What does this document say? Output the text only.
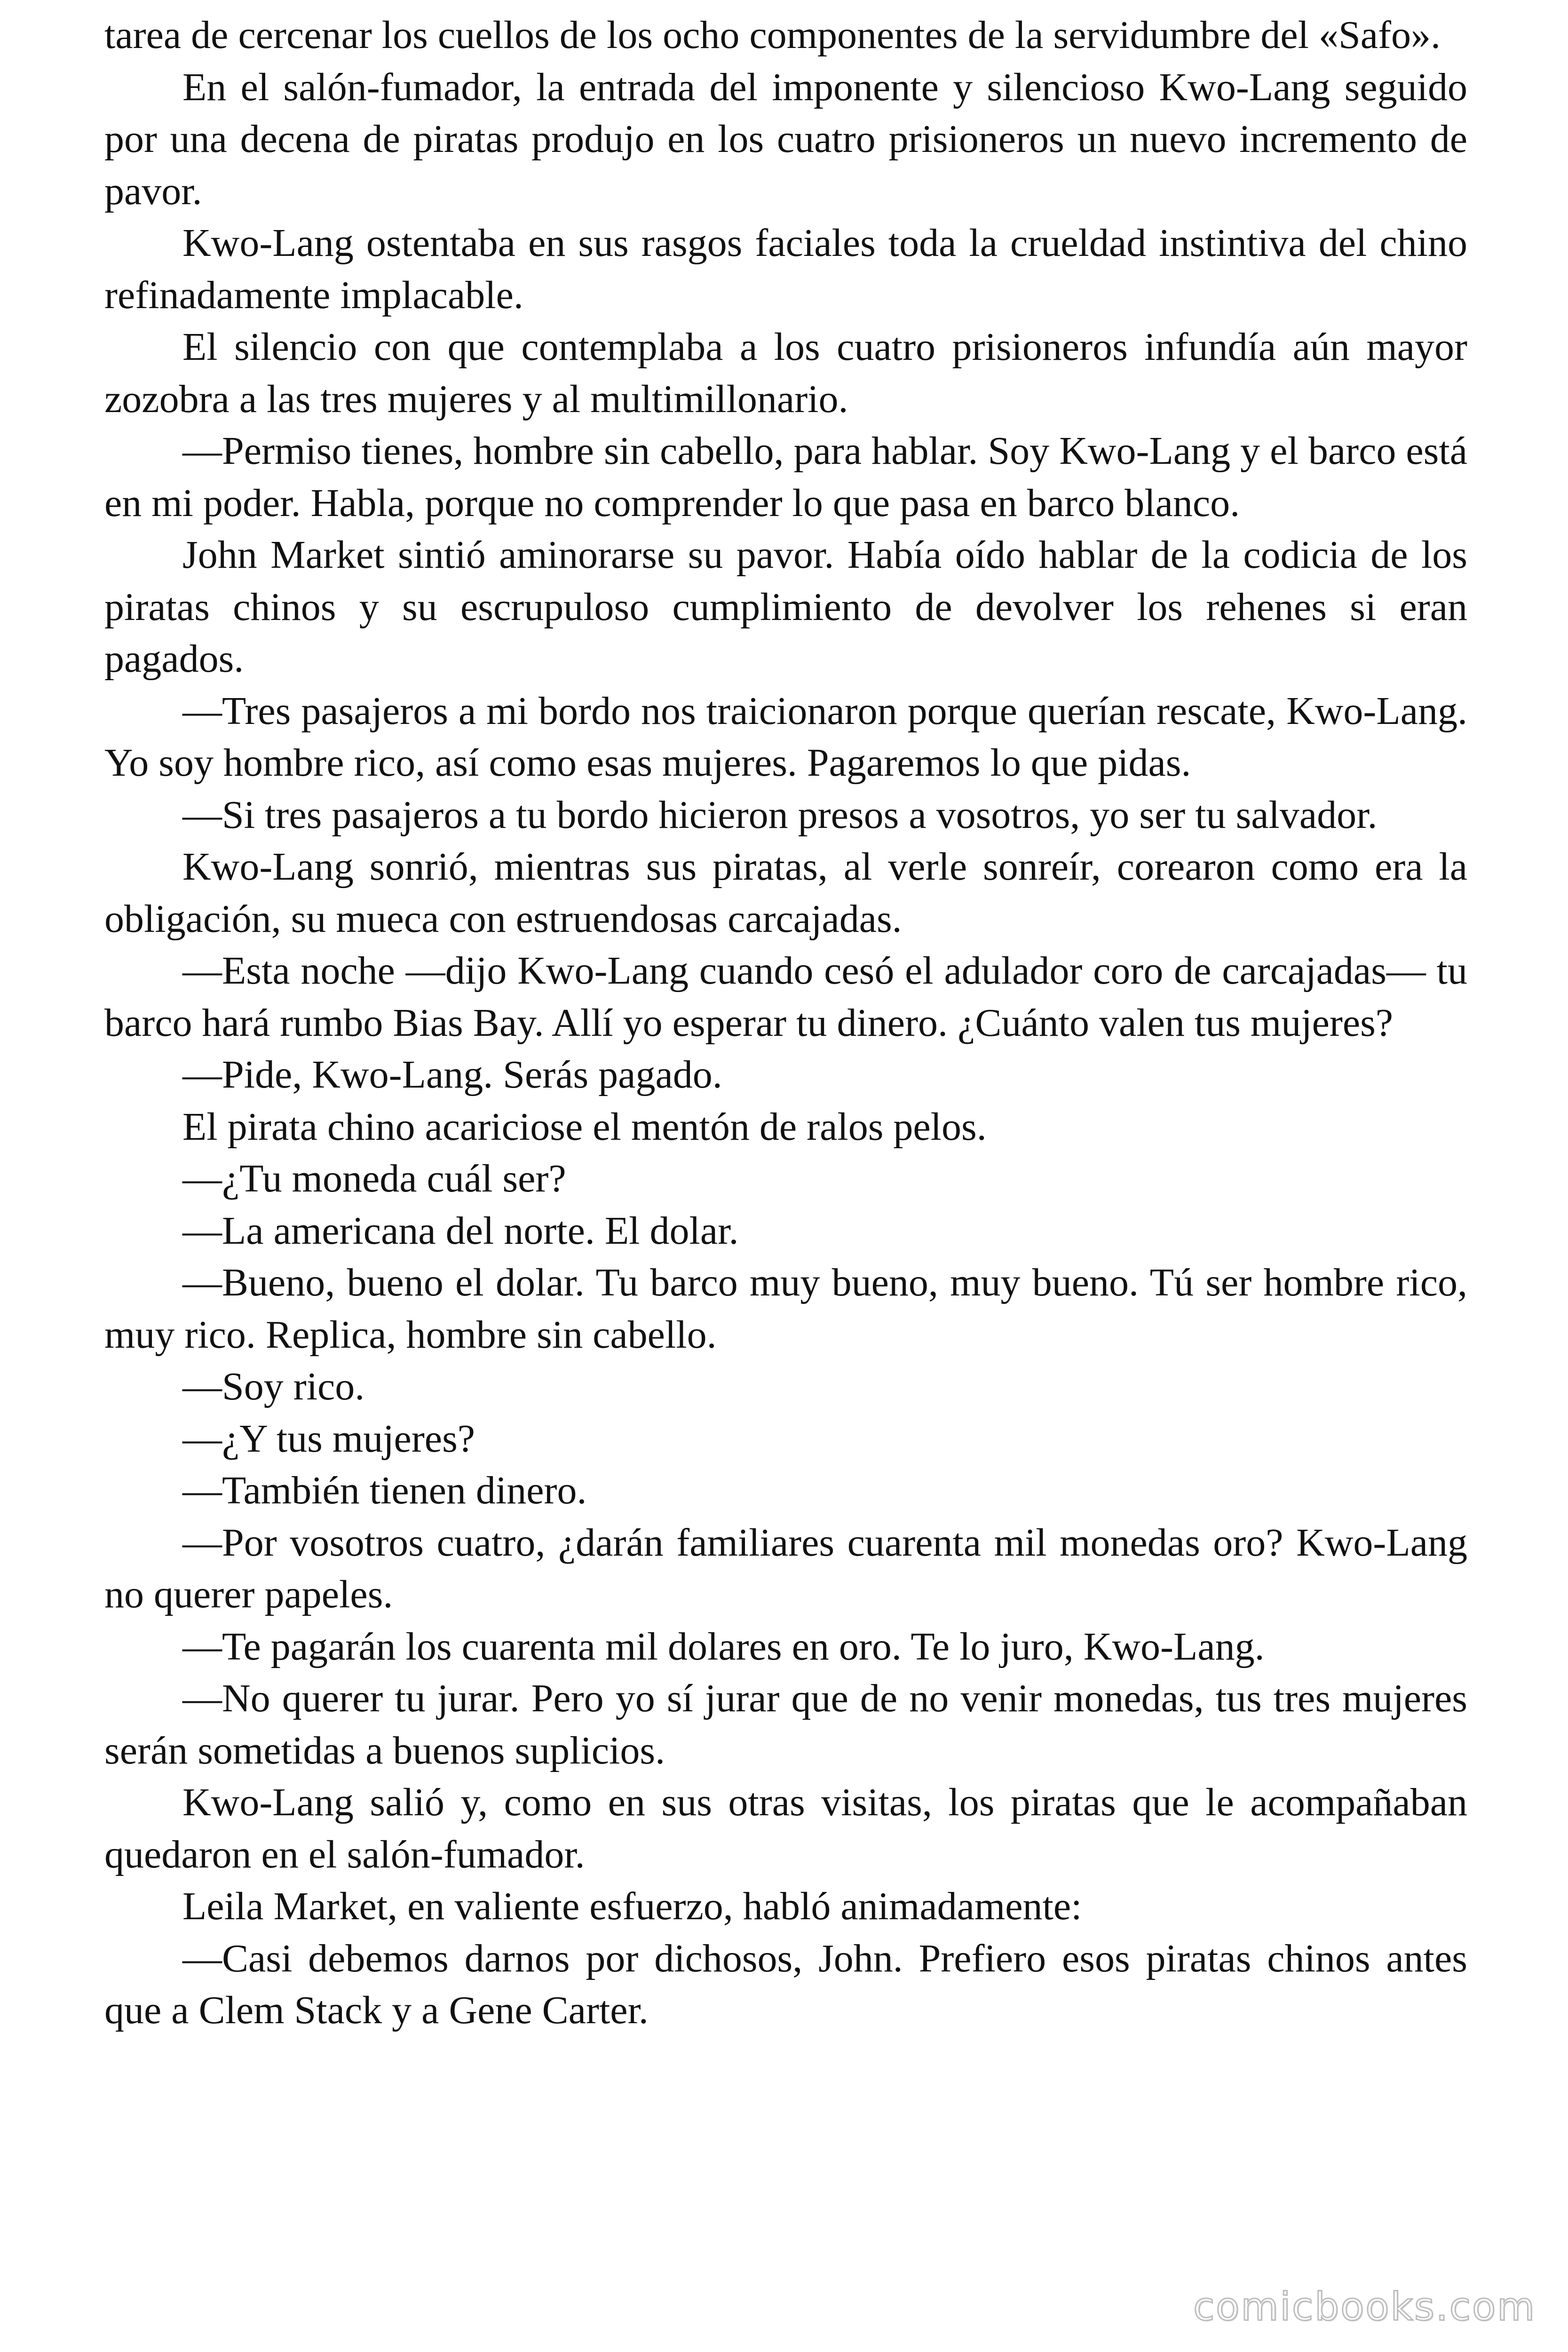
tarea de cercenar los cuellos de los ocho componentes de la servidumbre del «Safo».

En el salón-fumador, la entrada del imponente y silencioso Kwo-Lang seguido por una decena de piratas produjo en los cuatro prisioneros un nuevo incremento de pavor.

Kwo-Lang ostentaba en sus rasgos faciales toda la crueldad instintiva del chino refinadamente implacable.

El silencio con que contemplaba a los cuatro prisioneros infundía aún mayor zozobra a las tres mujeres y al multimillonario.

—Permiso tienes, hombre sin cabello, para hablar. Soy Kwo-Lang y el barco está en mi poder. Habla, porque no comprender lo que pasa en barco blanco.

John Market sintió aminorarse su pavor. Había oído hablar de la codicia de los piratas chinos y su escrupuloso cumplimiento de devolver los rehenes si eran pagados.

—Tres pasajeros a mi bordo nos traicionaron porque querían rescate, Kwo-Lang. Yo soy hombre rico, así como esas mujeres. Pagaremos lo que pidas.

—Si tres pasajeros a tu bordo hicieron presos a vosotros, yo ser tu salvador.

Kwo-Lang sonrió, mientras sus piratas, al verle sonreír, corearon como era la obligación, su mueca con estruendosas carcajadas.

—Esta noche —dijo Kwo-Lang cuando cesó el adulador coro de carcajadas— tu barco hará rumbo Bias Bay. Allí yo esperar tu dinero. ¿Cuánto valen tus mujeres?

—Pide, Kwo-Lang. Serás pagado.

El pirata chino acariciose el mentón de ralos pelos.

—¿Tu moneda cuál ser?

—La americana del norte. El dolar.

—Bueno, bueno el dolar. Tu barco muy bueno, muy bueno. Tú ser hombre rico, muy rico. Replica, hombre sin cabello.

—Soy rico.

—¿Y tus mujeres?

—También tienen dinero.

—Por vosotros cuatro, ¿darán familiares cuarenta mil monedas oro? Kwo-Lang no querer papeles.

—Te pagarán los cuarenta mil dolares en oro. Te lo juro, Kwo-Lang.

—No querer tu jurar. Pero yo sí jurar que de no venir monedas, tus tres mujeres serán sometidas a buenos suplicios.

Kwo-Lang salió y, como en sus otras visitas, los piratas que le acompañaban quedaron en el salón-fumador.

Leila Market, en valiente esfuerzo, habló animadamente:

—Casi debemos darnos por dichosos, John. Prefiero esos piratas chinos antes que a Clem Stack y a Gene Carter.

comicbooks.com
